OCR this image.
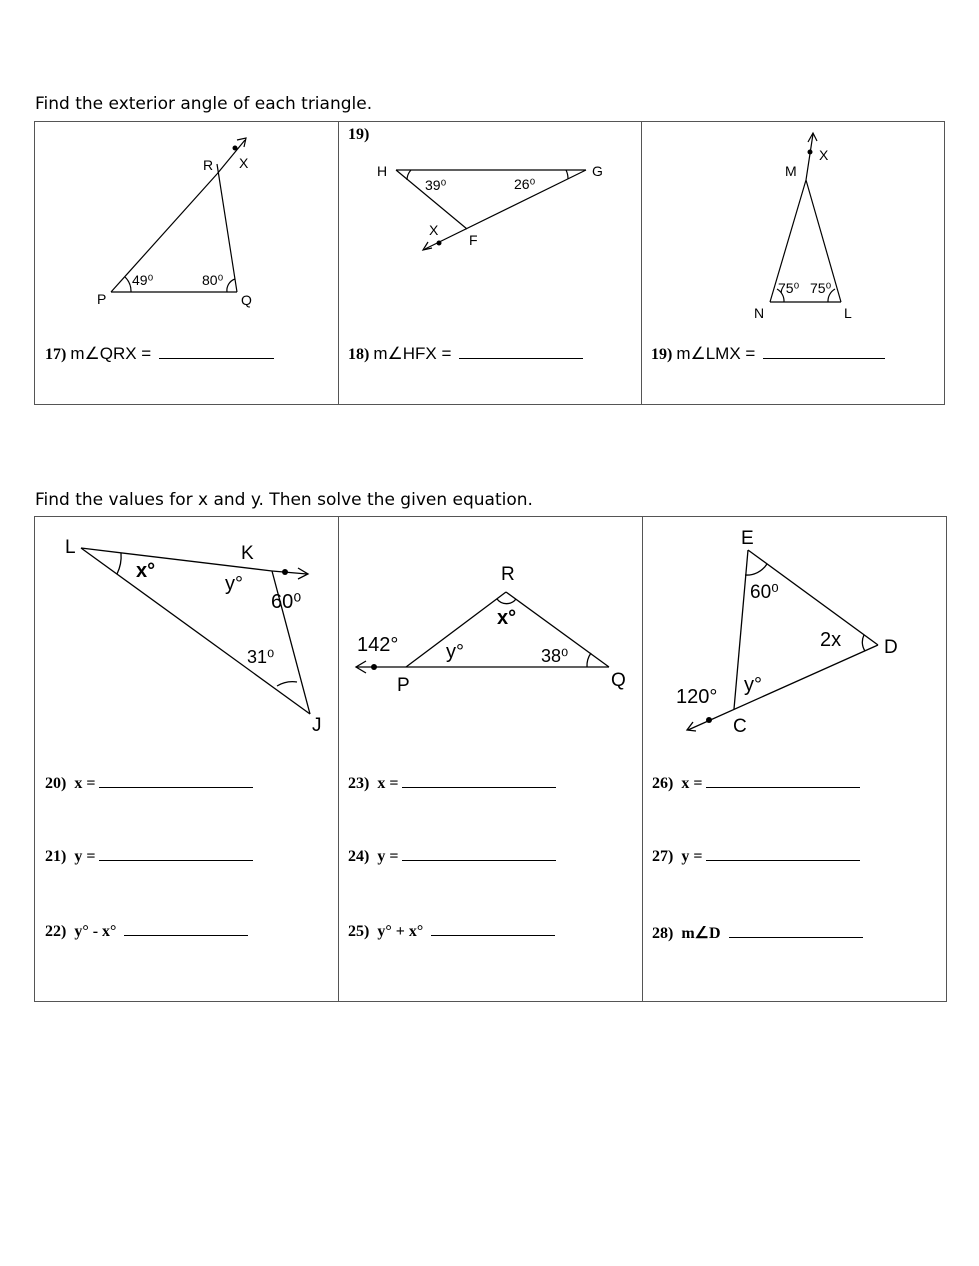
Find the exterior angle of each triangle.
R X
P	Q
49⁰	80⁰
17) m∠QRX =

19)
H	G
X
F
39⁰	26⁰
18) m∠HFX =

M
X
N	L
75⁰ 75⁰
19) m∠LMX =
Find the values for x and y. Then solve the given equation.
L	K
J
x°
y°
60⁰
31⁰
20) x =
21) y =
22) y° - x°

R
P	Q
x°
y°
142°	38⁰
23) x =
24) y =
25) y° + x°

E
D
C
60⁰
2x
y°
120°
26) x =
27) y =
28) m∠D
